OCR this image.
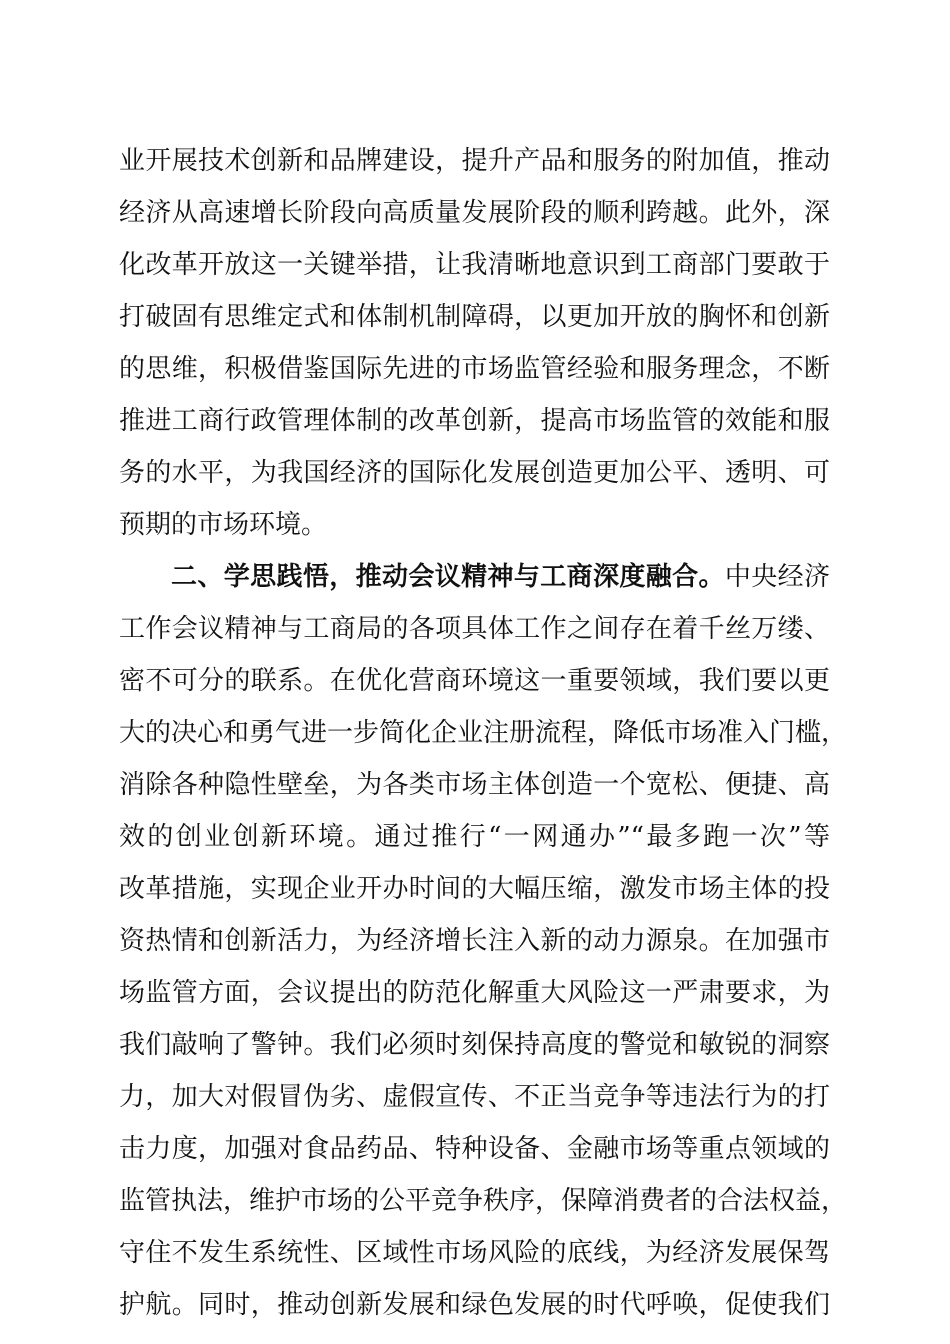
业开展技术创新和品牌建设，提升产品和服务的附加值，推动
经济从高速增长阶段向高质量发展阶段的顺利跨越。此外，深
化改革开放这一关键举措，让我清晰地意识到工商部门要敢于
打破固有思维定式和体制机制障碍，以更加开放的胸怀和创新
的思维，积极借鉴国际先进的市场监管经验和服务理念，不断
推进工商行政管理体制的改革创新，提高市场监管的效能和服
务的水平，为我国经济的国际化发展创造更加公平、透明、可
预期的市场环境。
二、学思践悟，推动会议精神与工商深度融合。中央经济
工作会议精神与工商局的各项具体工作之间存在着千丝万缕、
密不可分的联系。在优化营商环境这一重要领域，我们要以更
大的决心和勇气进一步简化企业注册流程，降低市场准入门槛，
消除各种隐性壁垒，为各类市场主体创造一个宽松、便捷、高
效的创业创新环境。通过推行“一网通办”“最多跑一次”等
改革措施，实现企业开办时间的大幅压缩，激发市场主体的投
资热情和创新活力，为经济增长注入新的动力源泉。在加强市
场监管方面，会议提出的防范化解重大风险这一严肃要求，为
我们敲响了警钟。我们必须时刻保持高度的警觉和敏锐的洞察
力，加大对假冒伪劣、虚假宣传、不正当竞争等违法行为的打
击力度，加强对食品药品、特种设备、金融市场等重点领域的
监管执法，维护市场的公平竞争秩序，保障消费者的合法权益，
守住不发生系统性、区域性市场风险的底线，为经济发展保驾
护航。同时，推动创新发展和绿色发展的时代呼唤，促使我们
